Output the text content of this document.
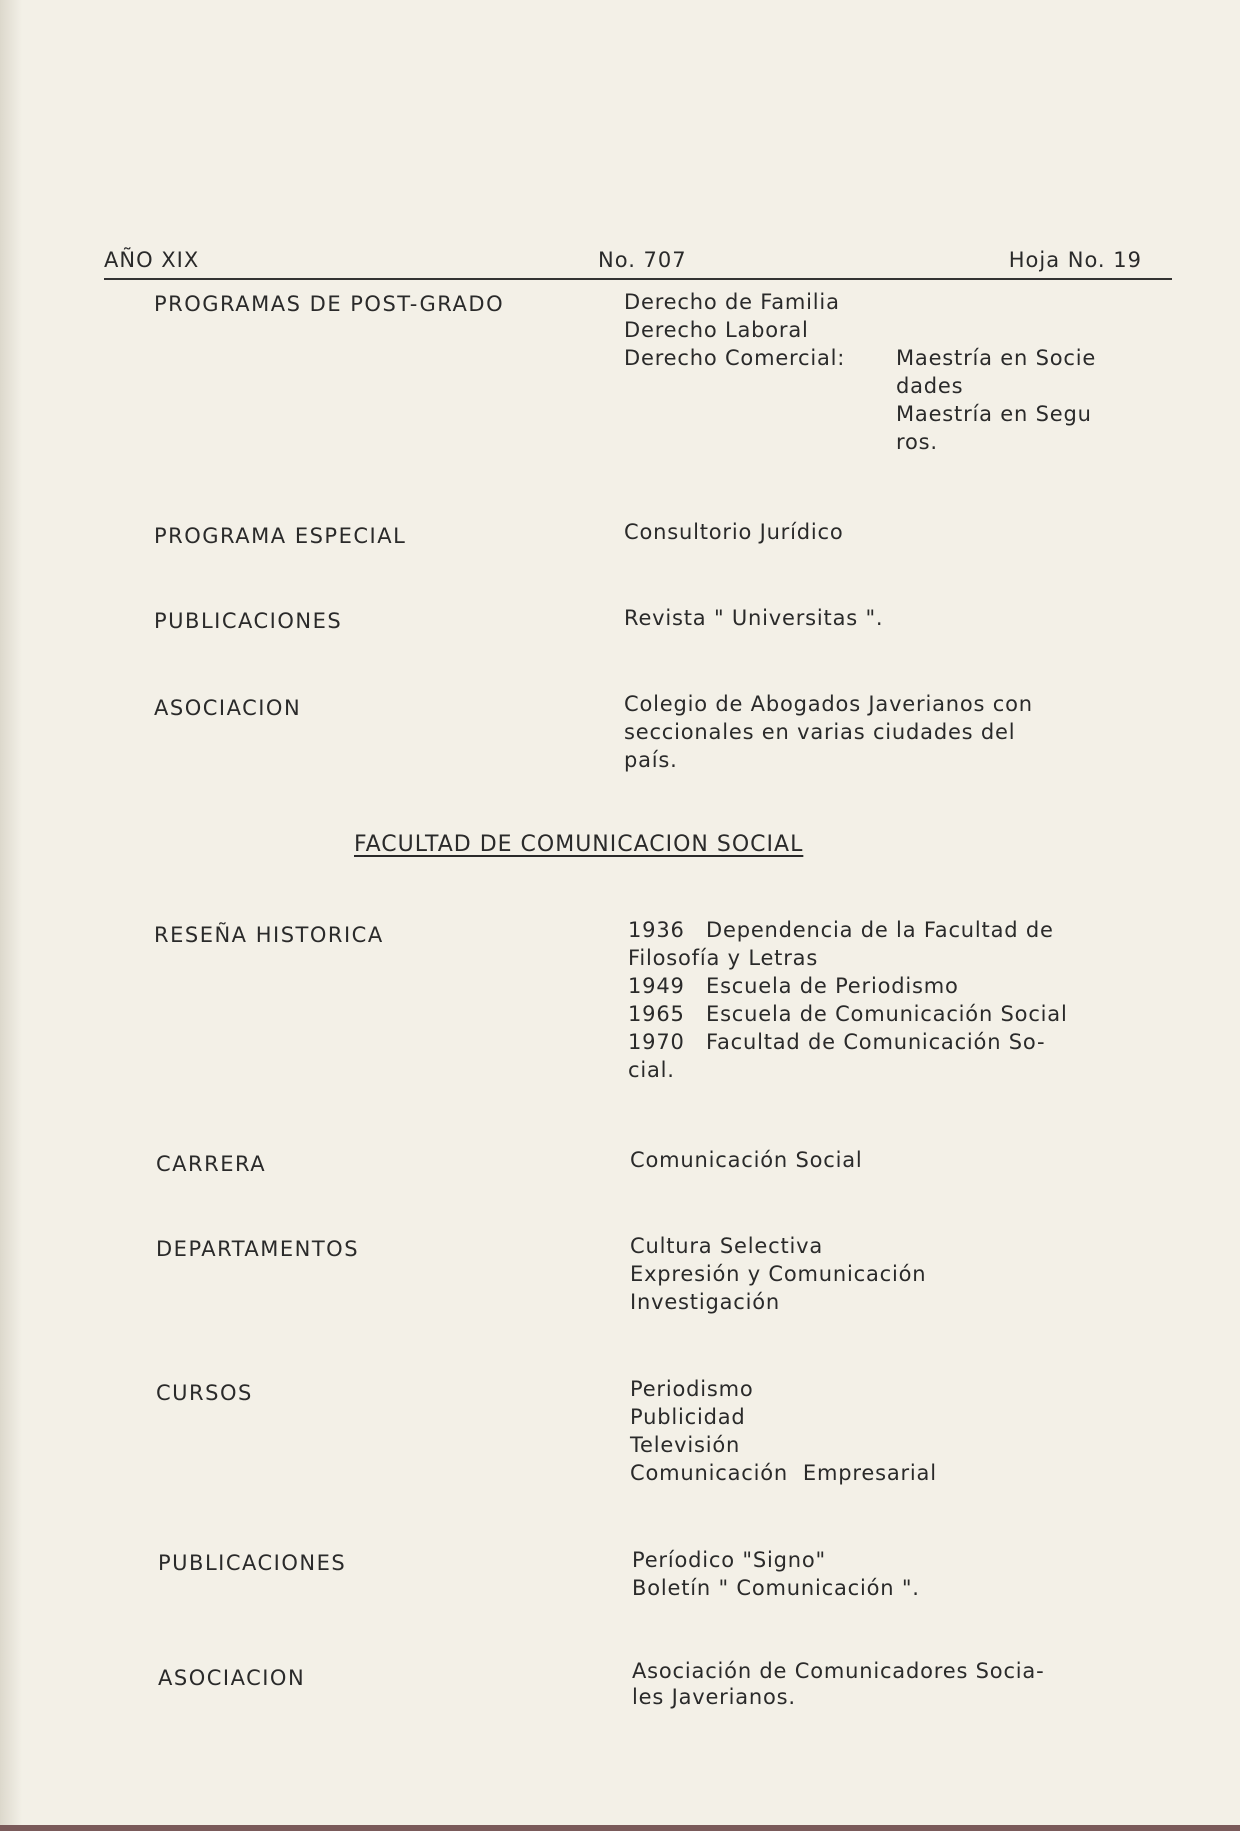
AÑO XIX	No. 707	Hoja No. 19
PROGRAMAS DE POST-GRADO	Derecho de Familia
Derecho Laboral
Derecho Comercial: Maestría en Socie
dades
Maestría en Segu
ros.
PROGRAMA ESPECIAL	Consultorio Jurídico
PUBLICACIONES	Revista " Universitas ".
ASOCIACION	Colegio de Abogados Javerianos con
seccionales en varias ciudades del
país.
FACULTAD DE COMUNICACION SOCIAL
RESEÑA HISTORICA	1936 Dependencia de la Facultad de
Filosofía y Letras
1949 Escuela de Periodismo
1965 Escuela de Comunicación Social
1970 Facultad de Comunicación So-
cial.
CARRERA	Comunicación Social
DEPARTAMENTOS	Cultura Selectiva
Expresión y Comunicación
Investigación
CURSOS	Periodismo
Publicidad
Televisión
Comunicación  Empresarial
PUBLICACIONES	Períodico "Signo"
Boletín " Comunicación ".
ASOCIACION	Asociación de Comunicadores Socia-
les Javerianos.
